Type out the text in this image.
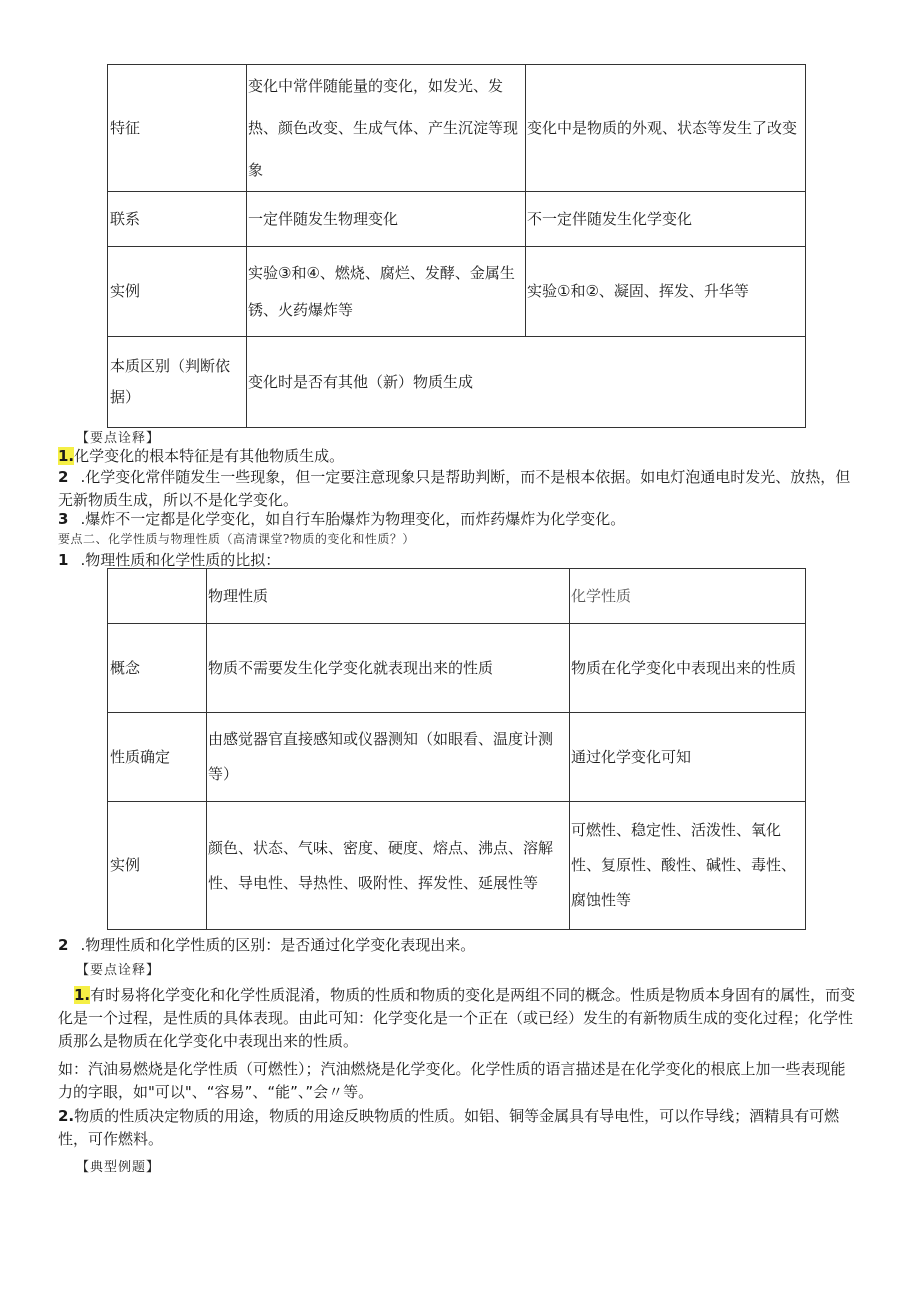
特征	变化中常伴随能量的变化，如发光、发热、颜色改变、生成气体、产生沉淀等现象	变化中是物质的外观、状态等发生了改变
联系	一定伴随发生物理变化	不一定伴随发生化学变化
实例	实验③和④、燃烧、腐烂、发酵、金属生锈、火药爆炸等	实验①和②、凝固、挥发、升华等
本质区别（判断依据）	变化时是否有其他（新）物质生成	
【要点诠释】
1.化学变化的根本特征是有其他物质生成。
2 .化学变化常伴随发生一些现象，但一定要注意现象只是帮助判断，而不是根本依据。如电灯泡通电时发光、放热，但无新物质生成，所以不是化学变化。
3 .爆炸不一定都是化学变化，如自行车胎爆炸为物理变化，而炸药爆炸为化学变化。
要点二、化学性质与物理性质（高清课堂?物质的变化和性质？）
1 .物理性质和化学性质的比拟：
	物理性质	化学性质
概念	物质不需要发生化学变化就表现出来的性质	物质在化学变化中表现出来的性质
性质确定	由感觉器官直接感知或仪器测知（如眼看、温度计测等）	通过化学变化可知
实例	颜色、状态、气味、密度、硬度、熔点、沸点、溶解性、导电性、导热性、吸附性、挥发性、延展性等	可燃性、稳定性、活泼性、氧化性、复原性、酸性、碱性、毒性、腐蚀性等
2 .物理性质和化学性质的区别：是否通过化学变化表现出来。
【要点诠释】
1.有时易将化学变化和化学性质混淆，物质的性质和物质的变化是两组不同的概念。性质是物质本身固有的属性，而变化是一个过程，是性质的具体表现。由此可知：化学变化是一个正在（或已经）发生的有新物质生成的变化过程；化学性质那么是物质在化学变化中表现出来的性质。
如：汽油易燃烧是化学性质（可燃性）；汽油燃烧是化学变化。化学性质的语言描述是在化学变化的根底上加一些表现能力的字眼，如"可以"、“容易”、“能”、”会〃等。
2.物质的性质决定物质的用途，物质的用途反映物质的性质。如铝、铜等金属具有导电性，可以作导线；酒精具有可燃性，可作燃料。
【典型例题】
